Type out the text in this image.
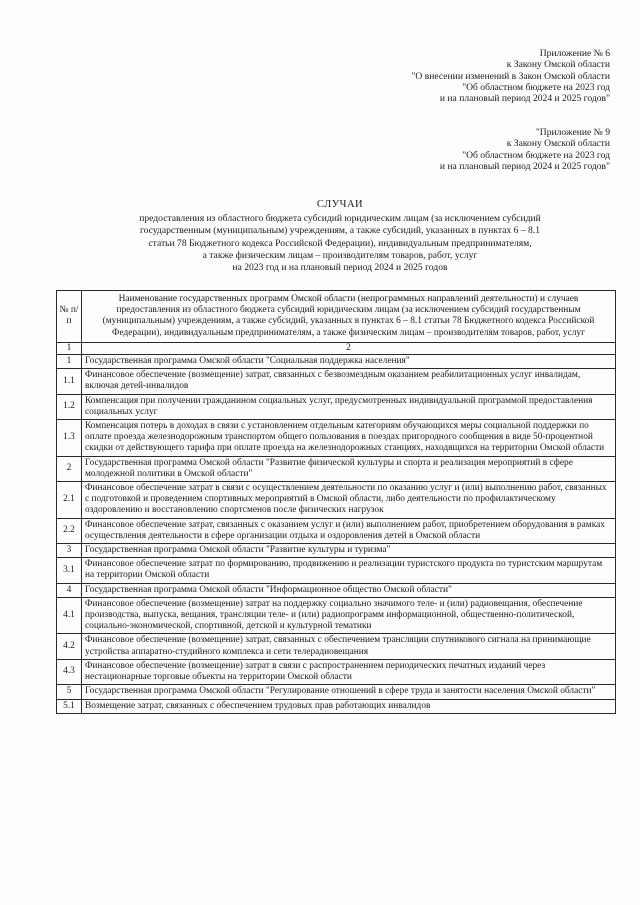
Приложение № 6
к Закону Омской области
"О внесении изменений в Закон Омской области
"Об областном бюджете на 2023 год
и на плановый период 2024 и 2025 годов"
"Приложение № 9
к Закону Омской области
"Об областном бюджете на 2023 год
и на плановый период 2024 и 2025 годов"
СЛУЧАИ
предоставления из областного бюджета субсидий юридическим лицам (за исключением субсидий
государственным (муниципальным) учреждениям, а также субсидий, указанных в пунктах 6 – 8.1
статьи 78 Бюджетного кодекса Российской Федерации), индивидуальным предпринимателям,
а также физическим лицам – производителям товаров, работ, услуг
на 2023 год и на плановый период 2024 и 2025 годов
№ п/п	Наименование государственных программ Омской области (непрограммных направлений деятельности) и случаев предоставления из областного бюджета субсидий юридическим лицам (за исключением субсидий государственным (муниципальным) учреждениям, а также субсидий, указанных в пунктах 6 – 8.1 статьи 78 Бюджетного кодекса Российской Федерации), индивидуальным предпринимателям, а также физическим лицам – производителям товаров, работ, услуг
1	2
1	Государственная программа Омской области "Социальная поддержка населения"
1.1	Финансовое обеспечение (возмещение) затрат, связанных с безвозмездным оказанием реабилитационных услуг инвалидам, включая детей-инвалидов
1.2	Компенсация при получении гражданином социальных услуг, предусмотренных индивидуальной программой предоставления социальных услуг
1.3	Компенсация потерь в доходах в связи с установлением отдельным категориям обучающихся меры социальной поддержки по оплате проезда железнодорожным транспортом общего пользования в поездах пригородного сообщения в виде 50-процентной скидки от действующего тарифа при оплате проезда на железнодорожных станциях, находящихся на территории Омской области
2	Государственная программа Омской области "Развитие физической культуры и спорта и реализация мероприятий в сфере молодежной политики в Омской области"
2.1	Финансовое обеспечение затрат в связи с осуществлением деятельности по оказанию услуг и (или) выполнению работ, связанных с подготовкой и проведением спортивных мероприятий в Омской области, либо деятельности по профилактическому оздоровлению и восстановлению спортсменов после физических нагрузок
2.2	Финансовое обеспечение затрат, связанных с оказанием услуг и (или) выполнением работ, приобретением оборудования в рамках осуществления деятельности в сфере организации отдыха и оздоровления детей в Омской области
3	Государственная программа Омской области "Развитие культуры и туризма"
3.1	Финансовое обеспечение затрат по формированию, продвижению и реализации туристского продукта по туристским маршрутам на территории Омской области
4	Государственная программа Омской области "Информационное общество Омской области"
4.1	Финансовое обеспечение (возмещение) затрат на поддержку социально значимого теле- и (или) радиовещания, обеспечение производства, выпуска, вещания, трансляции теле- и (или) радиопрограмм информационной, общественно-политической, социально-экономической, спортивной, детской и культурной тематики
4.2	Финансовое обеспечение (возмещение) затрат, связанных с обеспечением трансляции спутникового сигнала на принимающие устройства аппаратно-студийного комплекса и сети телерадиовещания
4.3	Финансовое обеспечение (возмещение) затрат в связи с распространением периодических печатных изданий через нестационарные торговые объекты на территории Омской области
5	Государственная программа Омской области "Регулирование отношений в сфере труда и занятости населения Омской области"
5.1	Возмещение затрат, связанных с обеспечением трудовых прав работающих инвалидов
